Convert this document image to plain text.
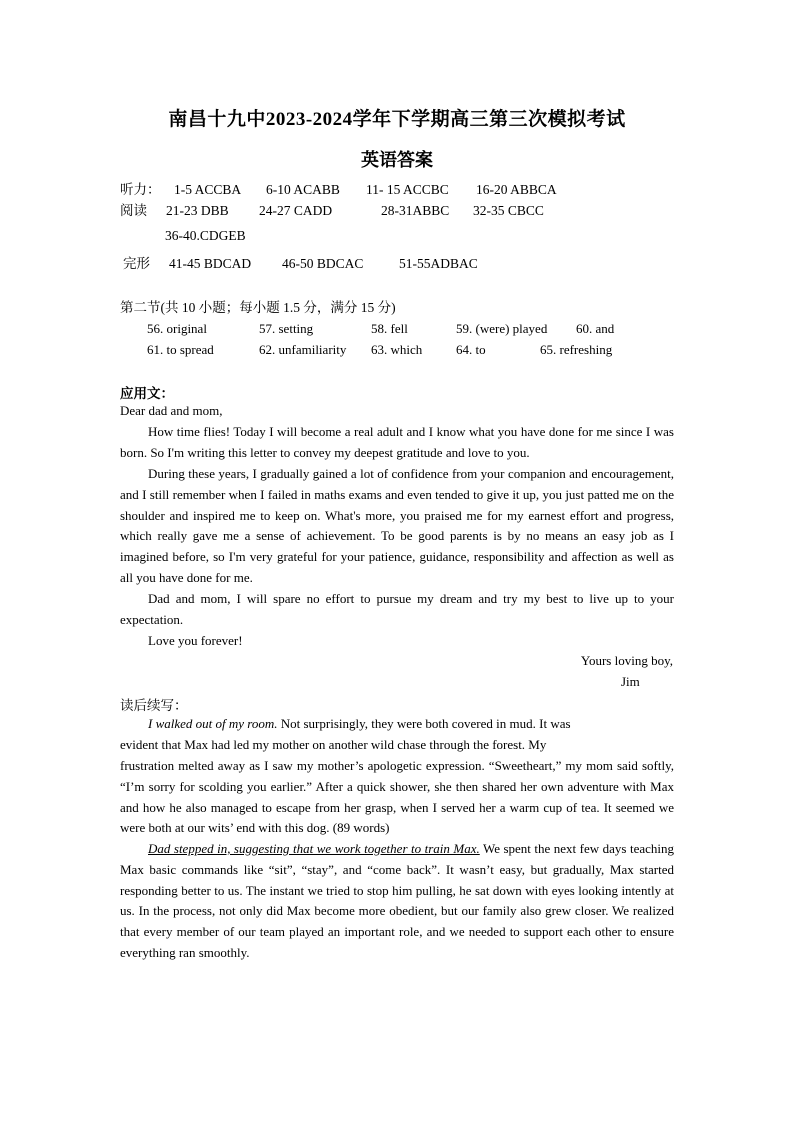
南昌十九中2023-2024学年下学期高三第三次模拟考试
英语答案
听力： 1-5 ACCBA 6-10 ACABB 11- 15 ACCBC 16-20 ABBCA
阅读 21-23 DBB 24-27 CADD	28-31ABBC 32-35 CBCC
36-40.CDGEB
完形 41-45 BDCAD 46-50 BDCAC	51-55ADBAC
第二节(共 10 小题；每小题 1.5 分，满分 15 分)
56. original	57. setting	58. fell	59. (were) played 60. and
61. to spread	62. unfamiliarity 63. which	64. to	65. refreshing
应用文：
Dear dad and mom,
How time flies! Today I will become a real adult and I know what you have done for me since I was born. So I'm writing this letter to convey my deepest gratitude and love to you.
During these years, I gradually gained a lot of confidence from your companion and encouragement, and I still remember when I failed in maths exams and even tended to give it up, you just patted me on the shoulder and inspired me to keep on. What's more, you praised me for my earnest effort and progress, which really gave me a sense of achievement. To be good parents is by no means an easy job as I imagined before, so I'm very grateful for your patience, guidance, responsibility and affection as well as all you have done for me.
Dad and mom, I will spare no effort to pursue my dream and try my best to live up to your expectation.
Love you forever!
Yours loving boy,
Jim
读后续写：
I walked out of my room. Not surprisingly, they were both covered in mud. It was
evident that Max had led my mother on another wild chase through the forest. My
frustration melted away as I saw my mother’s apologetic expression. “Sweetheart,” my mom said softly, “I’m sorry for scolding you earlier.” After a quick shower, she then shared her own adventure with Max and how he also managed to escape from her grasp, when I served her a warm cup of tea. It seemed we were both at our wits’ end with this dog. (89 words)
Dad stepped in, suggesting that we work together to train Max. We spent the next few days teaching Max basic commands like “sit”, “stay”, and “come back”. It wasn’t easy, but gradually, Max started responding better to us. The instant we tried to stop him pulling, he sat down with eyes looking intently at us. In the process, not only did Max become more obedient, but our family also grew closer. We realized that every member of our team played an important role, and we needed to support each other to ensure everything ran smoothly.
